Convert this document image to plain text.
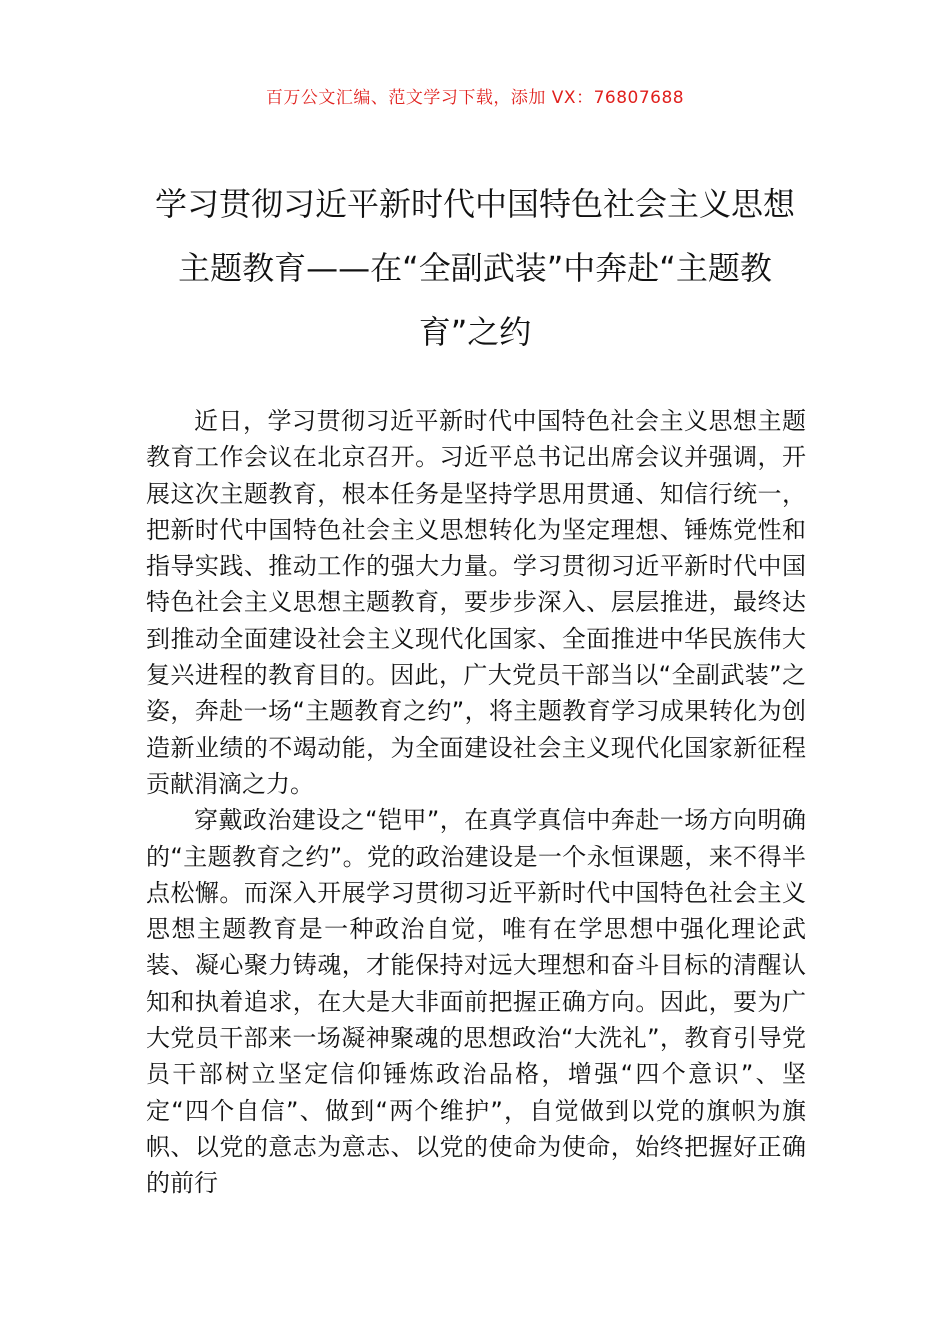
百万公文汇编、范文学习下载，添加 VX：76807688
学习贯彻习近平新时代中国特色社会主义思想主题教育——在“全副武装”中奔赴“主题教育”之约

近日，学习贯彻习近平新时代中国特色社会主义思想主题教育工作会议在北京召开。习近平总书记出席会议并强调，开展这次主题教育，根本任务是坚持学思用贯通、知信行统一，把新时代中国特色社会主义思想转化为坚定理想、锤炼党性和指导实践、推动工作的强大力量。学习贯彻习近平新时代中国特色社会主义思想主题教育，要步步深入、层层推进，最终达到推动全面建设社会主义现代化国家、全面推进中华民族伟大复兴进程的教育目的。因此，广大党员干部当以“全副武装”之姿，奔赴一场“主题教育之约”，将主题教育学习成果转化为创造新业绩的不竭动能，为全面建设社会主义现代化国家新征程贡献涓滴之力。

穿戴政治建设之“铠甲”，在真学真信中奔赴一场方向明确的“主题教育之约”。党的政治建设是一个永恒课题，来不得半点松懈。而深入开展学习贯彻习近平新时代中国特色社会主义思想主题教育是一种政治自觉，唯有在学思想中强化理论武装、凝心聚力铸魂，才能保持对远大理想和奋斗目标的清醒认知和执着追求，在大是大非面前把握正确方向。因此，要为广大党员干部来一场凝神聚魂的思想政治“大洗礼”，教育引导党员干部树立坚定信仰锤炼政治品格，增强“四个意识”、坚定“四个自信”、做到“两个维护”，自觉做到以党的旗帜为旗帜、以党的意志为意志、以党的使命为使命，始终把握好正确的前行
